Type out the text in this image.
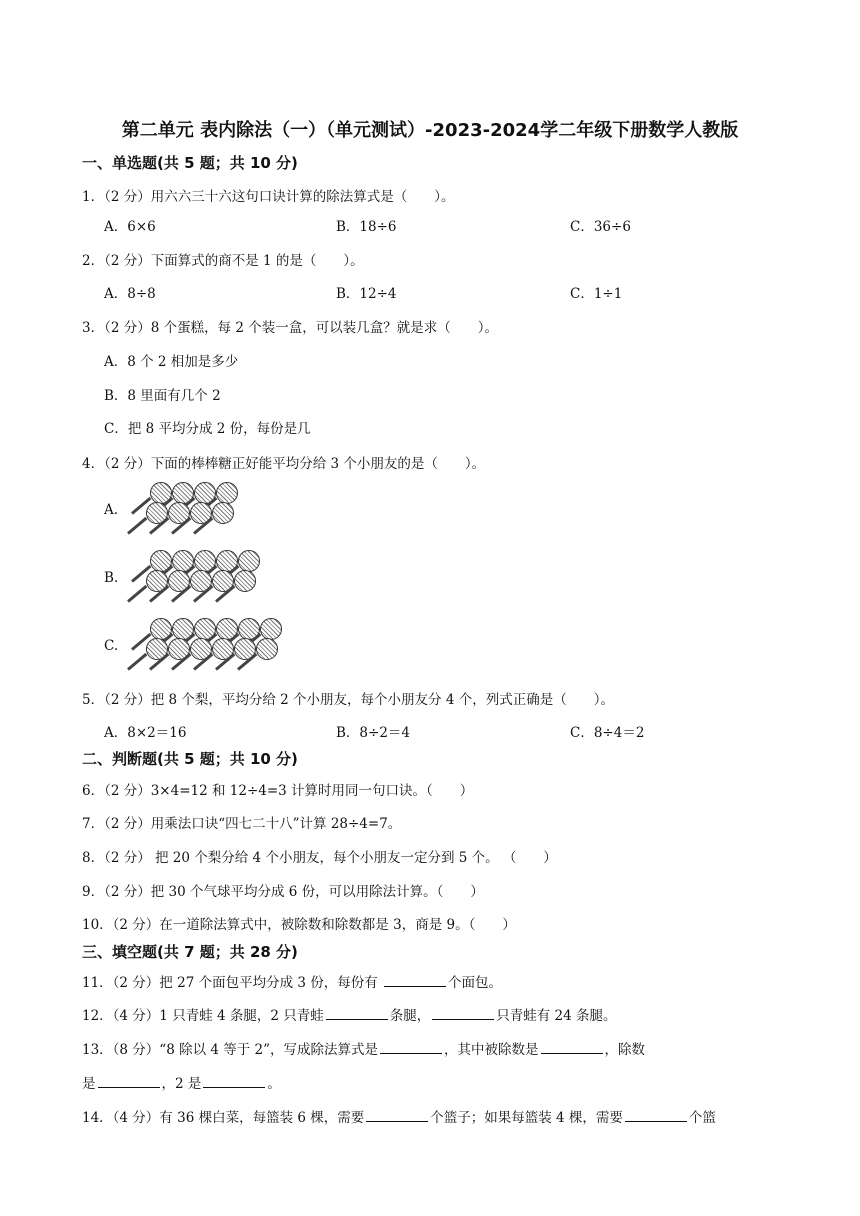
第二单元 表内除法（一）（单元测试）-2023-2024学二年级下册数学人教版
一、单选题(共 5 题；共 10 分)
1．（2 分）用六六三十六这句口诀计算的除法算式是（　　）。
A．6×6	B．18÷6	C．36÷6
2．（2 分）下面算式的商不是 1 的是（　　）。
A．8÷8	B．12÷4	C．1÷1
3．（2 分）8 个蛋糕，每 2 个装一盒，可以装几盒？就是求（　　）。
A．8 个 2 相加是多少
B．8 里面有几个 2
C．把 8 平均分成 2 份，每份是几
4．（2 分）下面的棒棒糖正好能平均分给 3 个小朋友的是（　　）。
A.
B.
C.
5．（2 分）把 8 个梨，平均分给 2 个小朋友，每个小朋友分 4 个，列式正确是（　　）。
A．8×2＝16	B．8÷2＝4	C．8÷4＝2
二、判断题(共 5 题；共 10 分)
6．（2 分）3×4=12 和 12÷4=3 计算时用同一句口诀。（　　）
7．（2 分）用乘法口诀“四七二十八”计算 28÷4=7。
8．（2 分） 把 20 个梨分给 4 个小朋友，每个小朋友一定分到 5 个。 （　　）
9．（2 分）把 30 个气球平均分成 6 份，可以用除法计算。（　　）
10．（2 分）在一道除法算式中，被除数和除数都是 3，商是 9。（　　）
三、填空题(共 7 题；共 28 分)
11．（2 分）把 27 个面包平均分成 3 份，每份有	个面包。
12．（4 分）1 只青蛙 4 条腿，2 只青蛙	条腿，	只青蛙有 24 条腿。
13．（8 分）“8 除以 4 等于 2”，写成除法算式是	，其中被除数是	，除数
是	，2 是	。
14．（4 分）有 36 棵白菜，每篮装 6 棵，需要	个篮子；如果每篮装 4 棵，需要	个篮
